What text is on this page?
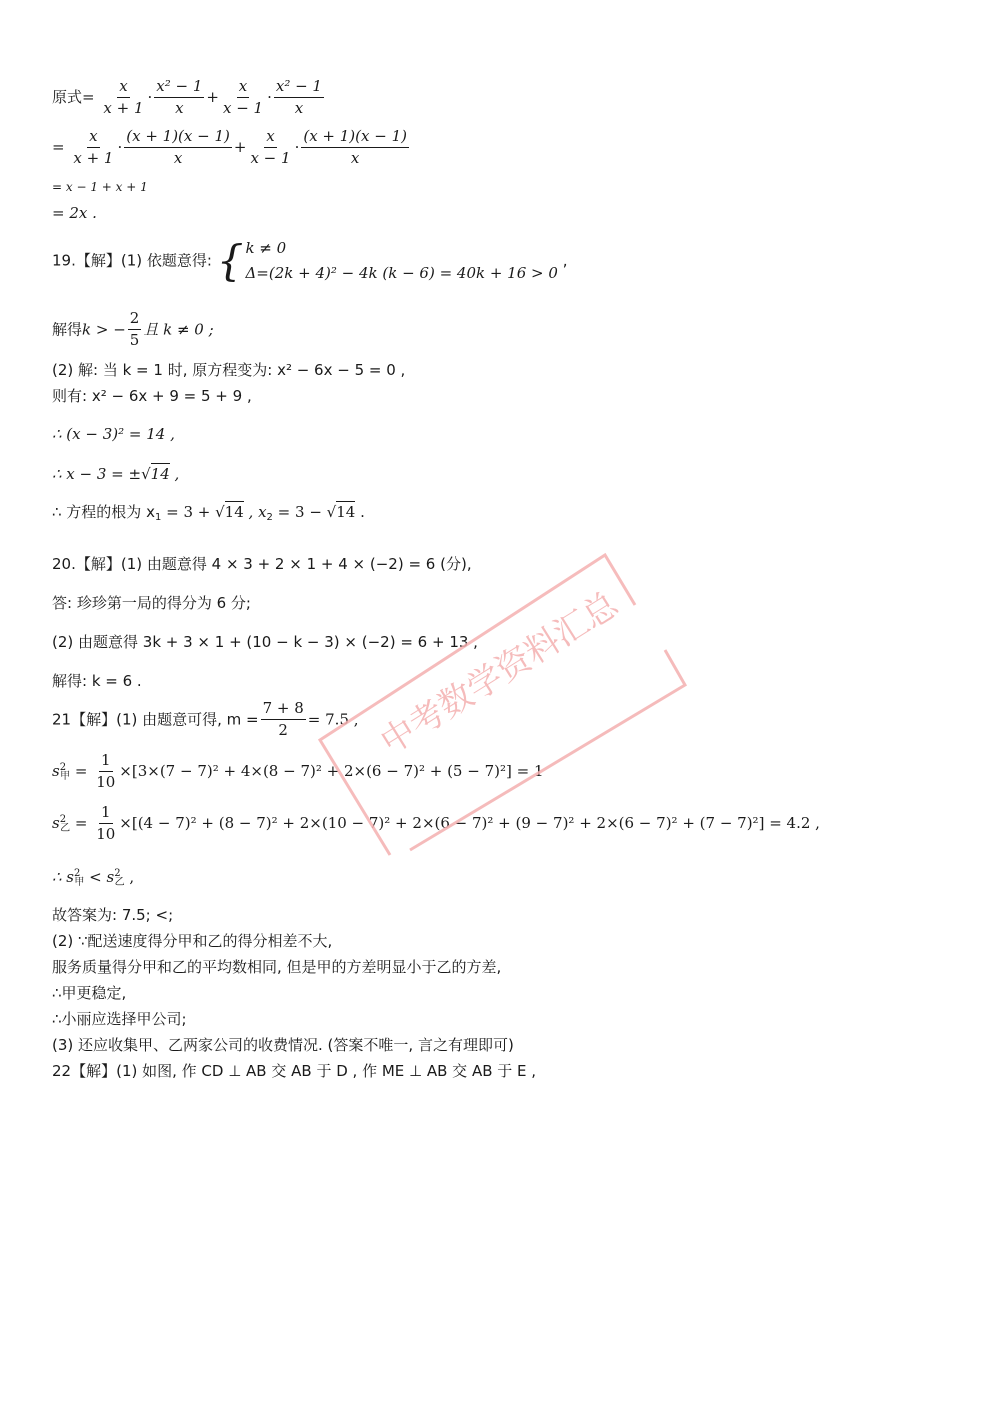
原式= $\frac{x}{x + 1} \cdot \frac{\text{x² − 1}}{x} + \frac{x}{x - 1} \cdot \frac{\text{x² − 1}}{x}$
= $\frac{x}{x + 1} \cdot \frac{(x + 1)(x - 1)}{x} + \frac{x}{x - 1} \cdot \frac{(x + 1)(x - 1)}{x}$
= x − 1 + x + 1
= 2x .
19.【解】(1) 依题意得: { k ≠ 0
Δ=(2k + 4)² − 4k (k − 6) = 40k + 16 > 0
,
解得k > − $\frac{2}{5}$ 且 k ≠ 0 ;
(2) 解: 当 k = 1 时, 原方程变为: x² − 6x − 5 = 0 ,
则有: x² − 6x + 9 = 5 + 9 ,
∴ (x − 3)² = 14 ,
∴ x − 3 = ±√14 ,
∴ 方程的根为 $x_1 = 3 + √14$ , $x_2 = 3 - √14$ .
20.【解】(1) 由题意得 4 × 3 + 2 × 1 + 4 × (−2) = 6 (分),
答: 珍珍第一局的得分为 6 分;
(2) 由题意得 3k + 3 × 1 + (10 − k − 3) × (−2) = 6 + 13 ,
解得: k = 6 .
21【解】(1) 由题意可得, $m = \frac{7 + 8}{2} = 7.5$ ,
$s^2_甲 = \frac{1}{10} \times[3\times(7 - 7)^2 + 4\times(8 - 7)^2 + 2\times(6 - 7)^2 + (5 - 7)^2] = 1$
$s^2_乙 = \frac{1}{10} \times[(4 - 7)^2 + (8 - 7)^2 + 2\times(10 - 7)^2 + 2\times(6 - 7)^2 + (9 - 7)^2 + 2\times(6 - 7)^2 + (7 - 7)^2] = 4.2$ ,
∴ $s^2_甲 < s^2_乙$ ,
故答案为: 7.5; <;
(2) ∵配送速度得分甲和乙的得分相差不大,
服务质量得分甲和乙的平均数相同, 但是甲的方差明显小于乙的方差,
∴甲更稳定,
∴小丽应选择甲公司;
(3) 还应收集甲、乙两家公司的收费情况. (答案不唯一, 言之有理即可)
22【解】(1) 如图, 作 CD ⊥ AB 交 AB 于 D , 作 ME ⊥ AB 交 AB 于 E ,
中考数学资料汇总
